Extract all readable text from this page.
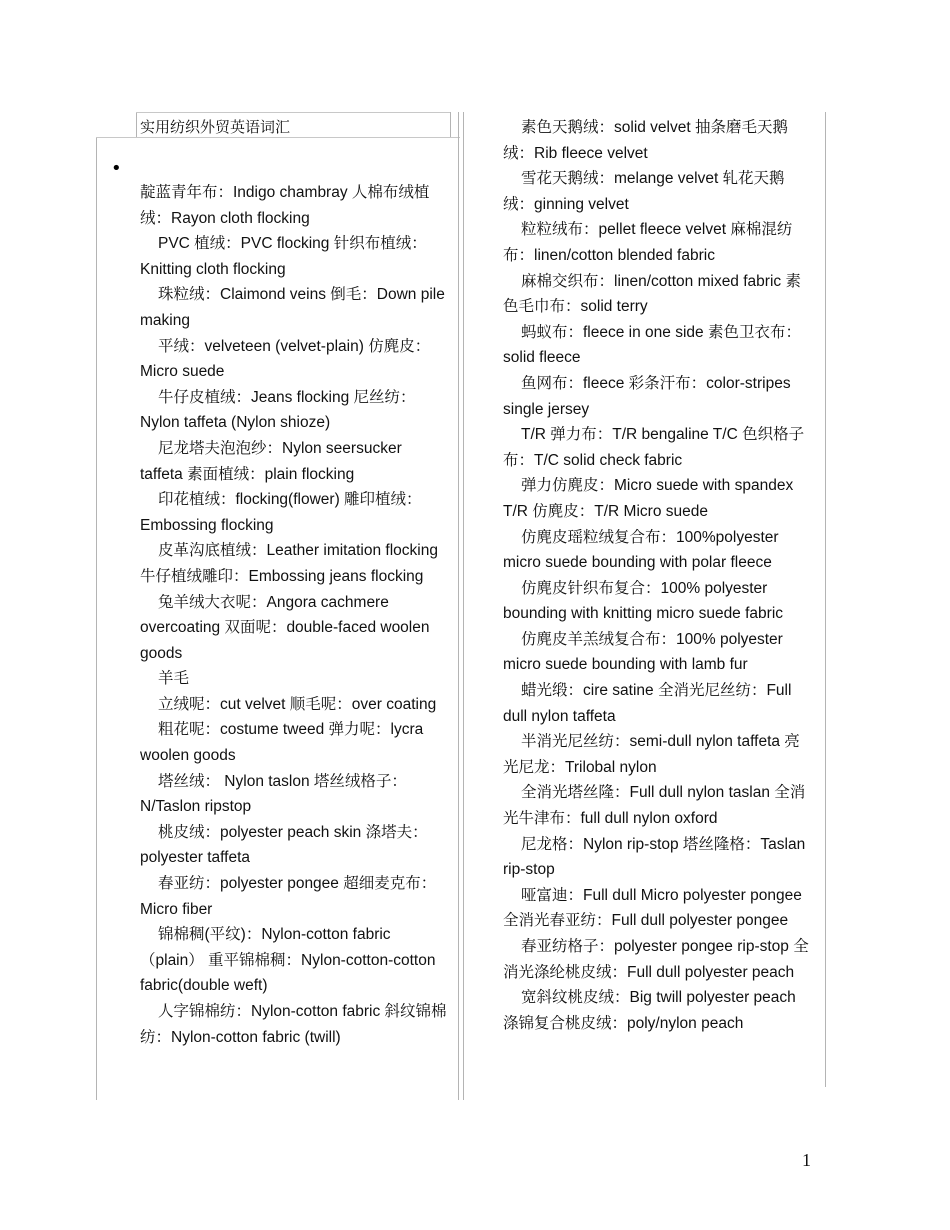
实用纺织外贸英语词汇
•

靛蓝青年布：Indigo chambray 人棉布绒植绒：Rayon cloth flocking

PVC 植绒：PVC flocking 针织布植绒：Knitting cloth flocking

珠粒绒：Claimond veins 倒毛：Down pile making

平绒：velveteen (velvet-plain) 仿麂皮：Micro suede

牛仔皮植绒：Jeans flocking 尼丝纺：Nylon taffeta (Nylon shioze)

尼龙塔夫泡泡纱：Nylon seersucker taffeta 素面植绒：plain flocking

印花植绒：flocking(flower) 雕印植绒：Embossing flocking

皮革沟底植绒：Leather imitation flocking 牛仔植绒雕印：Embossing jeans flocking

兔羊绒大衣呢：Angora cachmere overcoating 双面呢：double-faced woolen goods

羊毛

立绒呢：cut velvet 顺毛呢：over coating

粗花呢：costume tweed 弹力呢：lycra woolen goods

塔丝绒： Nylon taslon 塔丝绒格子：N/Taslon ripstop

桃皮绒：polyester peach skin 涤塔夫：polyester taffeta

春亚纺：polyester pongee 超细麦克布：Micro fiber

锦棉稠(平纹)：Nylon-cotton fabric（plain） 重平锦棉稠：Nylon-cotton-cotton fabric(double weft)

人字锦棉纺：Nylon-cotton fabric 斜纹锦棉纺：Nylon-cotton fabric (twill)

素色天鹅绒：solid velvet 抽条磨毛天鹅绒：Rib fleece velvet

雪花天鹅绒：melange velvet 轧花天鹅绒：ginning velvet

粒粒绒布：pellet fleece velvet 麻棉混纺布：linen/cotton blended fabric

麻棉交织布：linen/cotton mixed fabric 素色毛巾布：solid terry

蚂蚁布：fleece in one side 素色卫衣布：solid fleece

鱼网布：fleece 彩条汗布：color-stripes single jersey

T/R 弹力布：T/R bengaline T/C 色织格子布：T/C solid check fabric

弹力仿麂皮：Micro suede with spandex T/R 仿麂皮：T/R Micro suede

仿麂皮瑶粒绒复合布：100%polyester micro suede bounding with polar fleece

仿麂皮针织布复合：100% polyester bounding with knitting micro suede fabric

仿麂皮羊羔绒复合布：100% polyester micro suede bounding with lamb fur

蜡光缎：cire satine 全消光尼丝纺：Full dull nylon taffeta

半消光尼丝纺：semi-dull nylon taffeta 亮光尼龙：Trilobal nylon

全消光塔丝隆：Full dull nylon taslan 全消光牛津布：full dull nylon oxford

尼龙格：Nylon rip-stop 塔丝隆格：Taslan rip-stop

哑富迪：Full dull Micro polyester pongee 全消光春亚纺：Full dull polyester pongee

春亚纺格子：polyester pongee rip-stop 全消光涤纶桃皮绒：Full dull polyester peach

宽斜纹桃皮绒：Big twill polyester peach 涤锦复合桃皮绒：poly/nylon peach

1
